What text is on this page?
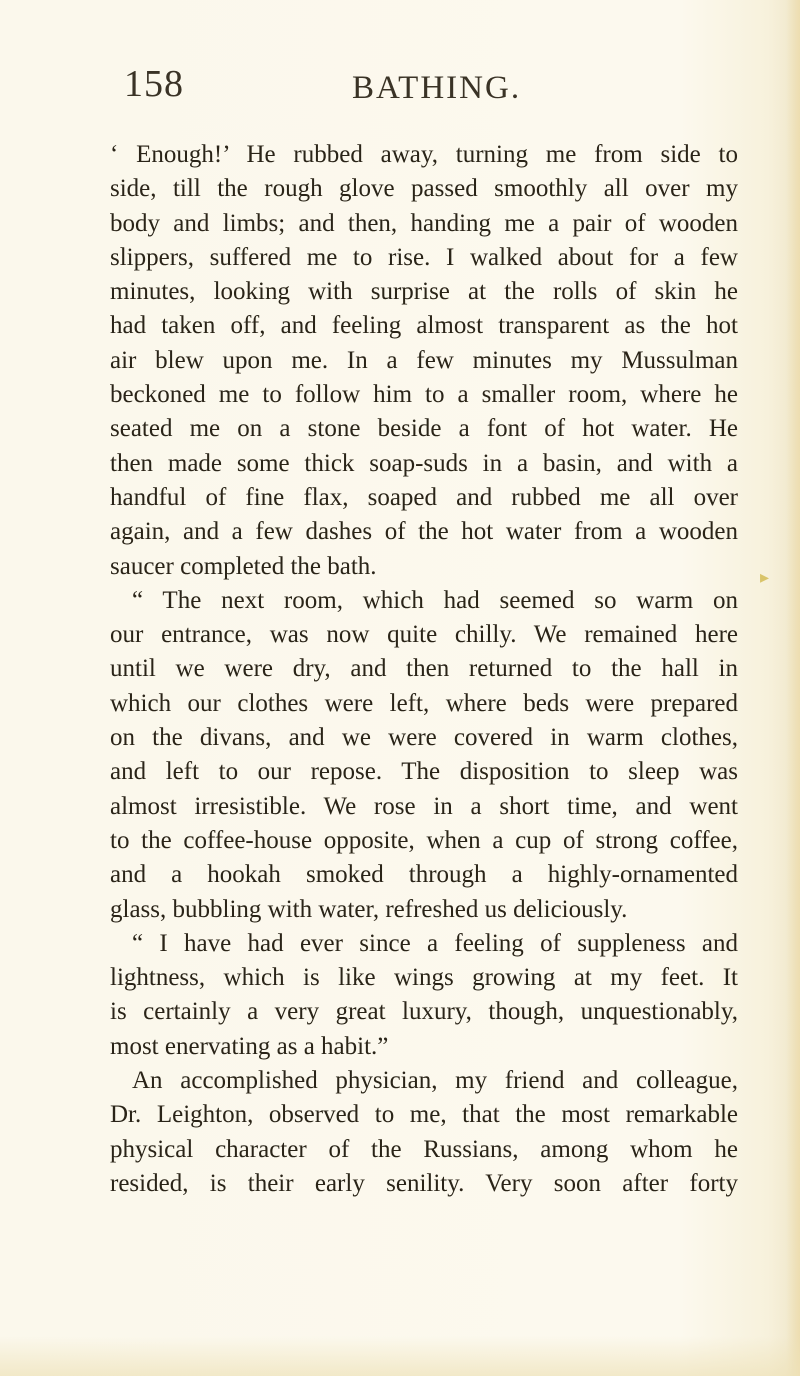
158	BATHING.
▸
‘ Enough!’ He rubbed away, turning me from side to
side, till the rough glove passed smoothly all over my
body and limbs; and then, handing me a pair of wooden
slippers, suffered me to rise. I walked about for a few
minutes, looking with surprise at the rolls of skin he
had taken off, and feeling almost transparent as the hot
air blew upon me. In a few minutes my Mussulman
beckoned me to follow him to a smaller room, where he
seated me on a stone beside a font of hot water. He
then made some thick soap-suds in a basin, and with a
handful of fine flax, soaped and rubbed me all over
again, and a few dashes of the hot water from a wooden
saucer completed the bath.
“ The next room, which had seemed so warm on
our entrance, was now quite chilly. We remained here
until we were dry, and then returned to the hall in
which our clothes were left, where beds were prepared
on the divans, and we were covered in warm clothes,
and left to our repose. The disposition to sleep was
almost irresistible. We rose in a short time, and went
to the coffee-house opposite, when a cup of strong coffee,
and a hookah smoked through a highly-ornamented
glass, bubbling with water, refreshed us deliciously.
“ I have had ever since a feeling of suppleness and
lightness, which is like wings growing at my feet. It
is certainly a very great luxury, though, unquestionably,
most enervating as a habit.”
An accomplished physician, my friend and colleague,
Dr. Leighton, observed to me, that the most remarkable
physical character of the Russians, among whom he
resided, is their early senility. Very soon after forty
